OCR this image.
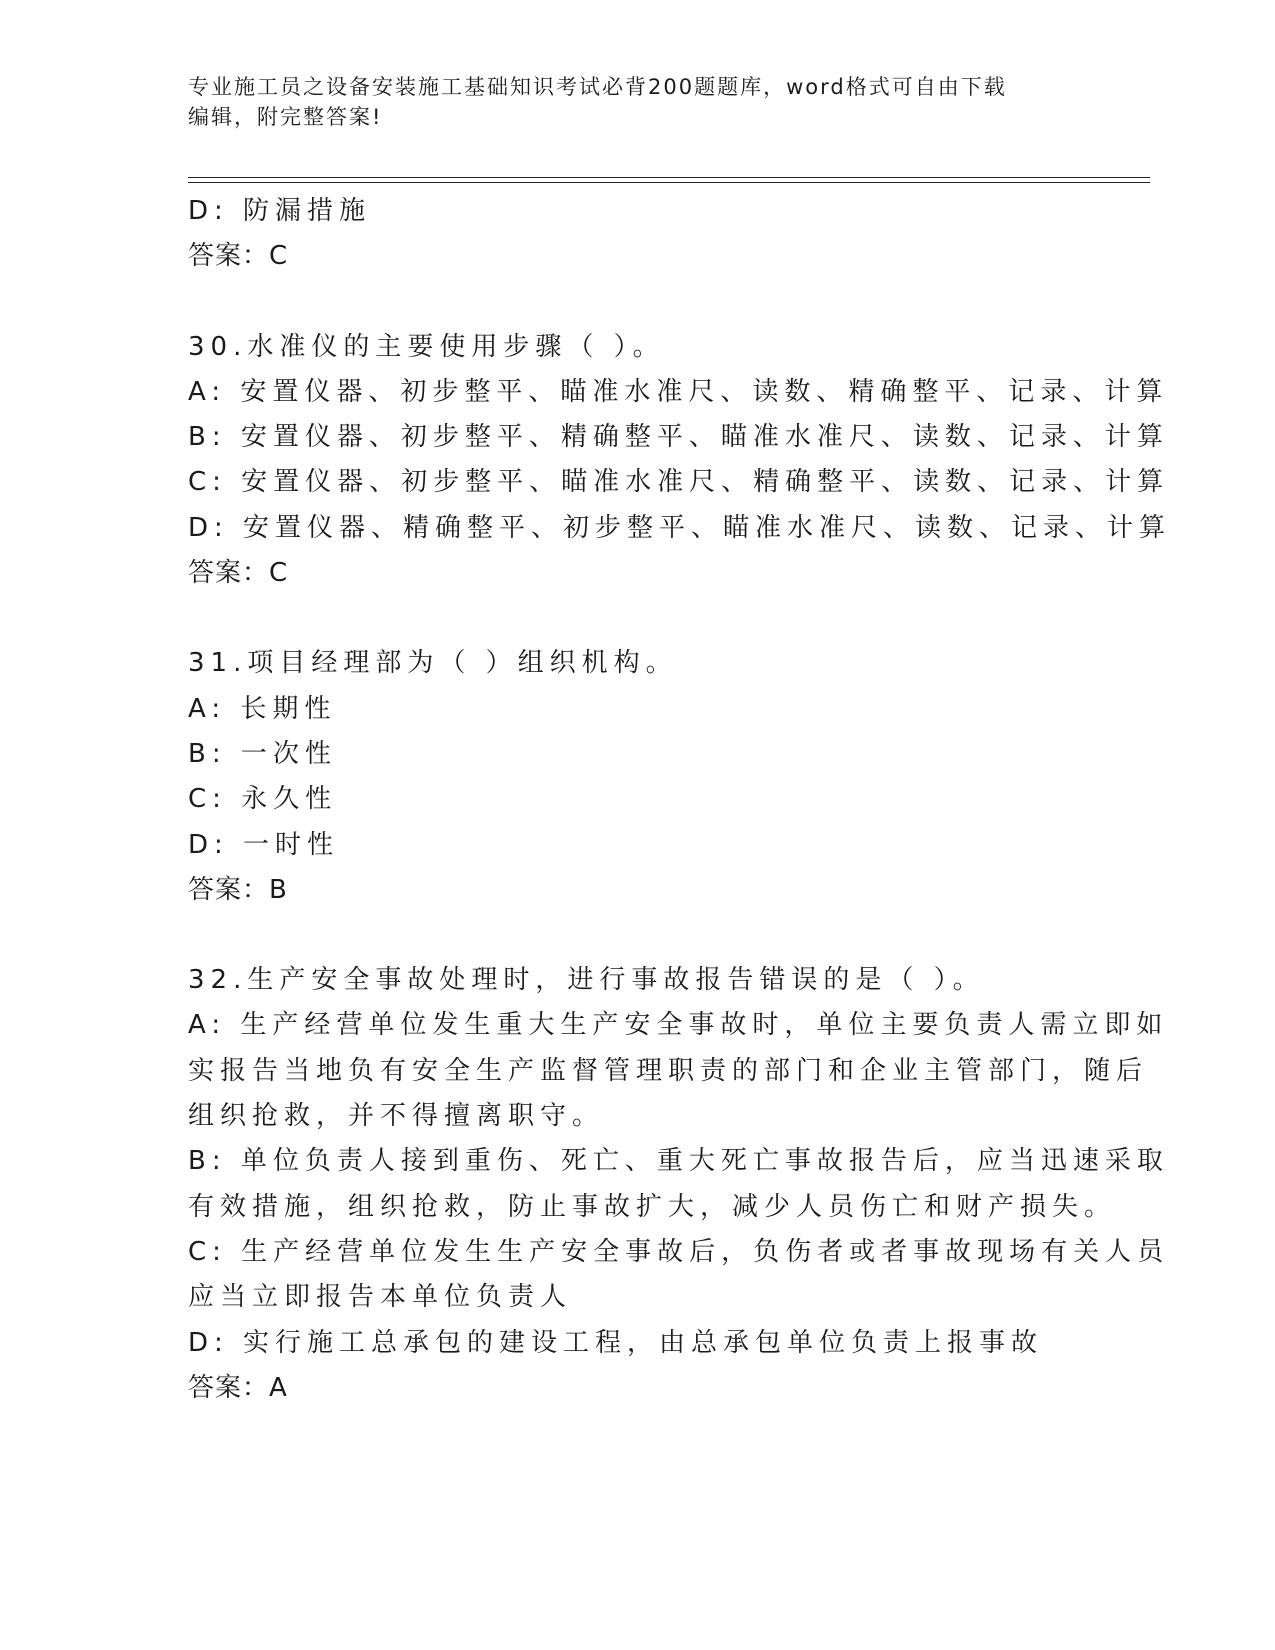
专业施工员之设备安装施工基础知识考试必背200题题库，word格式可自由下载
编辑，附完整答案!
D: 防漏措施
答案：C
30.水准仪的主要使用步骤（ ）。
A: 安置仪器、初步整平、瞄准水准尺、读数、精确整平、记录、计算
B: 安置仪器、初步整平、精确整平、瞄准水准尺、读数、记录、计算
C: 安置仪器、初步整平、瞄准水准尺、精确整平、读数、记录、计算
D: 安置仪器、精确整平、初步整平、瞄准水准尺、读数、记录、计算
答案：C
31.项目经理部为（ ）组织机构。
A: 长期性
B: 一次性
C: 永久性
D: 一时性
答案：B
32.生产安全事故处理时，进行事故报告错误的是（ ）。
A: 生产经营单位发生重大生产安全事故时，单位主要负责人需立即如
实报告当地负有安全生产监督管理职责的部门和企业主管部门，随后
组织抢救，并不得擅离职守。
B: 单位负责人接到重伤、死亡、重大死亡事故报告后，应当迅速采取
有效措施，组织抢救，防止事故扩大，减少人员伤亡和财产损失。
C: 生产经营单位发生生产安全事故后，负伤者或者事故现场有关人员
应当立即报告本单位负责人
D: 实行施工总承包的建设工程，由总承包单位负责上报事故
答案：A
